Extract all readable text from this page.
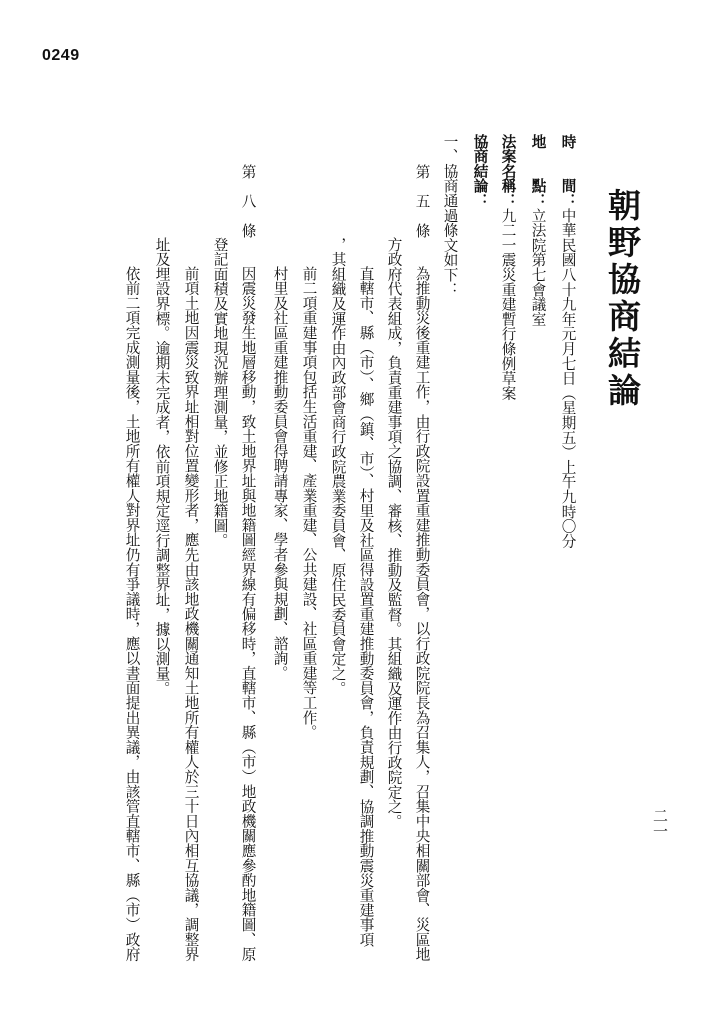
0249
朝野協商結論
時　　間：中華民國八十九年元月七日（星期五）上午九時〇分
地　　點：立法院第七會議室
法案名稱：九二一震災重建暫行條例草案
協商結論：
一、協商通過條文如下：
第　五　條
為推動災後重建工作，由行政院設置重建推動委員會，以行政院院長為召集人，召集中央相關部會、災區地
方政府代表組成，負責重建事項之協調、審核、推動及監督。其組織及運作由行政院定之。
直轄市、縣（市）、鄉（鎮、市）、村里及社區得設置重建推動委員會，負責規劃、協調推動震災重建事項
，其組織及運作由內政部會商行政院農業委員會、原住民委員會定之。
前二項重建事項包括生活重建、產業重建、公共建設、社區重建等工作。
村里及社區重建推動委員會得聘請專家、學者參與規劃、諮詢。
第　八　條
因震災發生地層移動，致土地界址與地籍圖經界線有偏移時，直轄市、縣（市）地政機關應參酌地籍圖、原
登記面積及實地現況辦理測量，並修正地籍圖。
前項土地因震災致界址相對位置變形者，應先由該地政機關通知土地所有權人於三十日內相互協議，調整界
址及埋設界標。逾期未完成者，依前項規定逕行調整界址，據以測量。
依前二項完成測量後，土地所有權人對界址仍有爭議時，應以書面提出異議，由該管直轄市、縣（市）政府	二一
